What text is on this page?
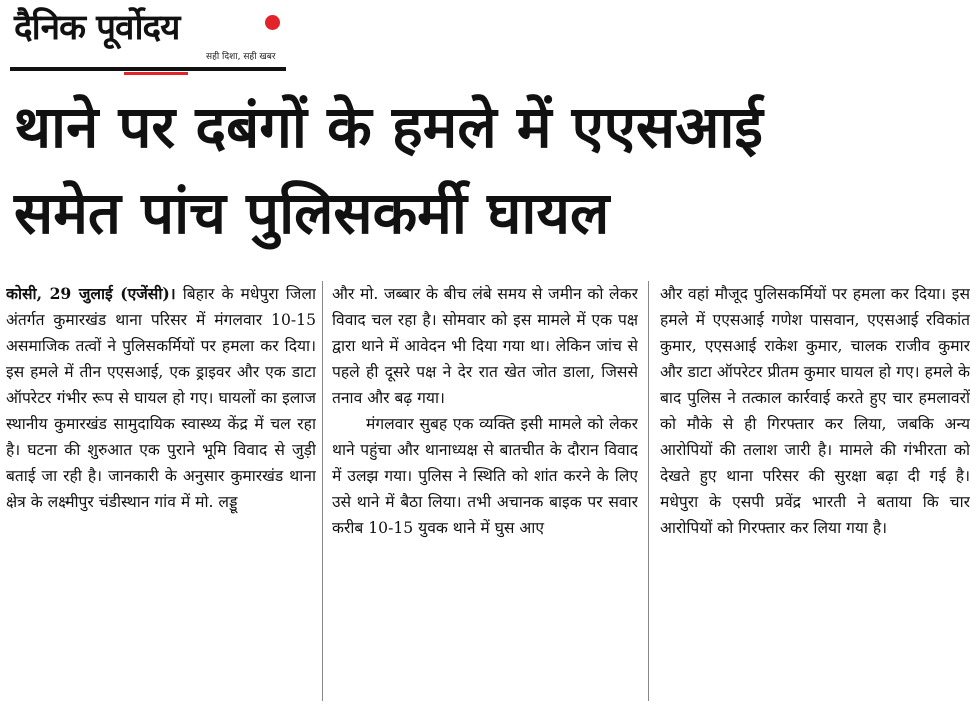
दैनिक पूर्वोदय
सही दिशा, सही खबर
थाने पर दबंगों के हमले में एएसआई
समेत पांच पुलिसकर्मी घायल

कोसी, 29 जुलाई (एजेंसी)। बिहार के मधेपुरा जिला अंतर्गत कुमारखंड थाना परिसर में मंगलवार 10-15 असमाजिक तत्वों ने पुलिसकर्मियों पर हमला कर दिया। इस हमले में तीन एएसआई, एक ड्राइवर और एक डाटा ऑपरेटर गंभीर रूप से घायल हो गए। घायलों का इलाज स्थानीय कुमारखंड सामुदायिक स्वास्थ्य केंद्र में चल रहा है। घटना की शुरुआत एक पुराने भूमि विवाद से जुड़ी बताई जा रही है। जानकारी के अनुसार कुमारखंड थाना क्षेत्र के लक्ष्मीपुर चंडीस्थान गांव में मो. लड्डू

और मो. जब्बार के बीच लंबे समय से जमीन को लेकर विवाद चल रहा है। सोमवार को इस मामले में एक पक्ष द्वारा थाने में आवेदन भी दिया गया था। लेकिन जांच से पहले ही दूसरे पक्ष ने देर रात खेत जोत डाला, जिससे तनाव और बढ़ गया।

मंगलवार सुबह एक व्यक्ति इसी मामले को लेकर थाने पहुंचा और थानाध्यक्ष से बातचीत के दौरान विवाद में उलझ गया। पुलिस ने स्थिति को शांत करने के लिए उसे थाने में बैठा लिया। तभी अचानक बाइक पर सवार करीब 10-15 युवक थाने में घुस आए

और वहां मौजूद पुलिसकर्मियों पर हमला कर दिया। इस हमले में एएसआई गणेश पासवान, एएसआई रविकांत कुमार, एएसआई राकेश कुमार, चालक राजीव कुमार और डाटा ऑपरेटर प्रीतम कुमार घायल हो गए। हमले के बाद पुलिस ने तत्काल कार्रवाई करते हुए चार हमलावरों को मौके से ही गिरफ्तार कर लिया, जबकि अन्य आरोपियों की तलाश जारी है। मामले की गंभीरता को देखते हुए थाना परिसर की सुरक्षा बढ़ा दी गई है। मधेपुरा के एसपी प्रवेंद्र भारती ने बताया कि चार आरोपियों को गिरफ्तार कर लिया गया है।
